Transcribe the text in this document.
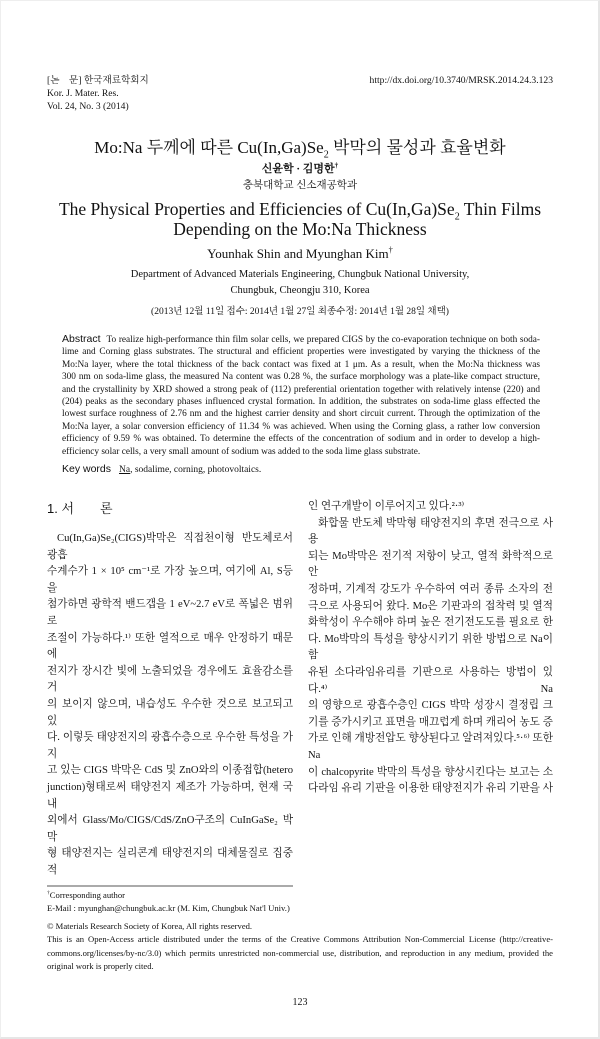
[논　문] 한국재료학회지
Kor. J. Mater. Res.
Vol. 24, No. 3 (2014)
http://dx.doi.org/10.3740/MRSK.2014.24.3.123
Mo:Na 두께에 따른 $Cu(In,Ga)Se_2$ 박막의 물성과 효율변화
신윤학 · 김명한†
충북대학교 신소재공학과
The Physical Properties and Efficiencies of $Cu(In,Ga)Se_2$ Thin Films
Depending on the Mo:Na Thickness
Younhak Shin and Myunghan Kim†
Department of Advanced Materials Engineering, Chungbuk National University,
Chungbuk, Cheongju 310, Korea
(2013년 12월 11일 접수: 2014년 1월 27일 최종수정: 2014년 1월 28일 채택)
Abstract To realize high-performance thin film solar cells, we prepared CIGS by the co-evaporation technique on both soda-
lime and Corning glass substrates. The structural and efficient properties were investigated by varying the thickness of the
Mo:Na layer, where the total thickness of the back contact was fixed at 1 μm. As a result, when the Mo:Na thickness was
300 nm on soda-lime glass, the measured Na content was 0.28 %, the surface morphology was a plate-like compact structure,
and the crystallinity by XRD showed a strong peak of (112) preferential orientation together with relatively intense (220) and
(204) peaks as the secondary phases influenced crystal formation. In addition, the substrates on soda-lime glass effected the
lowest surface roughness of 2.76 nm and the highest carrier density and short circuit current. Through the optimization of the
Mo:Na layer, a solar conversion efficiency of 11.34 % was achieved. When using the Corning glass, a rather low conversion
efficiency of 9.59 % was obtained. To determine the effects of the concentration of sodium and in order to develop a high-
efficiency solar cells, a very small amount of sodium was added to the soda lime glass substrate.
Key words Na, sodalime, corning, photovoltaics.
1. 서　　론
Cu(In,Ga)Se₂(CIGS)박막은 직접천이형 반도체로서 광흡
수계수가 1 × 10⁵ cm⁻¹로 가장 높으며, 여기에 Al, S등을
첨가하면 광학적 밴드갭을 1 eV~2.7 eV로 폭넓은 범위로
조절이 가능하다.¹⁾ 또한 열적으로 매우 안정하기 때문에
전지가 장시간 빛에 노출되었을 경우에도 효율감소를 거
의 보이지 않으며, 내습성도 우수한 것으로 보고되고 있
다. 이렇듯 태양전지의 광흡수층으로 우수한 특성을 가지
고 있는 CIGS 박막은 CdS 및 ZnO와의 이종접합(hetero
junction)형태로써 태양전지 제조가 가능하며, 현재 국내
외에서 Glass/Mo/CIGS/CdS/ZnO구조의 CuInGaSe₂ 박막
형 태양전지는 실리콘계 태양전지의 대체물질로 집중적
인 연구개발이 이루어지고 있다.²·³⁾
화합물 반도체 박막형 태양전지의 후면 전극으로 사용
되는 Mo박막은 전기적 저항이 낮고, 열적 화학적으로 안
정하며, 기계적 강도가 우수하여 여러 종류 소자의 전
극으로 사용되어 왔다. Mo은 기판과의 접착력 및 열적
화학성이 우수해야 하며 높은 전기전도도를 필요로 한
다. Mo박막의 특성을 향상시키기 위한 방법으로 Na이 함
유된 소다라임유리를 기판으로 사용하는 방법이 있다.⁴⁾ Na
의 영향으로 광흡수층인 CIGS 박막 성장시 결정립 크
기를 증가시키고 표면을 매끄럽게 하며 캐리어 농도 증
가로 인해 개방전압도 향상된다고 알려져있다.⁵·⁶⁾ 또한 Na
이 chalcopyrite 박막의 특성을 향상시킨다는 보고는 소
다라임 유리 기판을 이용한 태양전지가 유리 기판을 사
†Corresponding author
E-Mail : myunghan@chungbuk.ac.kr (M. Kim, Chungbuk Nat'l Univ.)
© Materials Research Society of Korea, All rights reserved.
This is an Open-Access article distributed under the terms of the Creative Commons Attribution Non-Commercial License (http://creative-
commons.org/licenses/by-nc/3.0) which permits unrestricted non-commercial use, distribution, and reproduction in any medium, provided the
original work is properly cited.
123
